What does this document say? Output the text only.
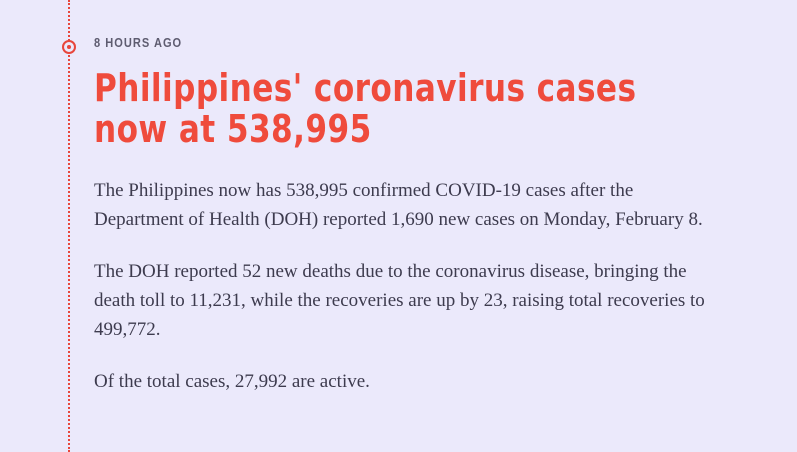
8 HOURS AGO

Philippines' coronavirus cases now at 538,995

The Philippines now has 538,995 confirmed COVID-19 cases after the Department of Health (DOH) reported 1,690 new cases on Monday, February 8.

The DOH reported 52 new deaths due to the coronavirus disease, bringing the death toll to 11,231, while the recoveries are up by 23, raising total recoveries to 499,772.

Of the total cases, 27,992 are active.
